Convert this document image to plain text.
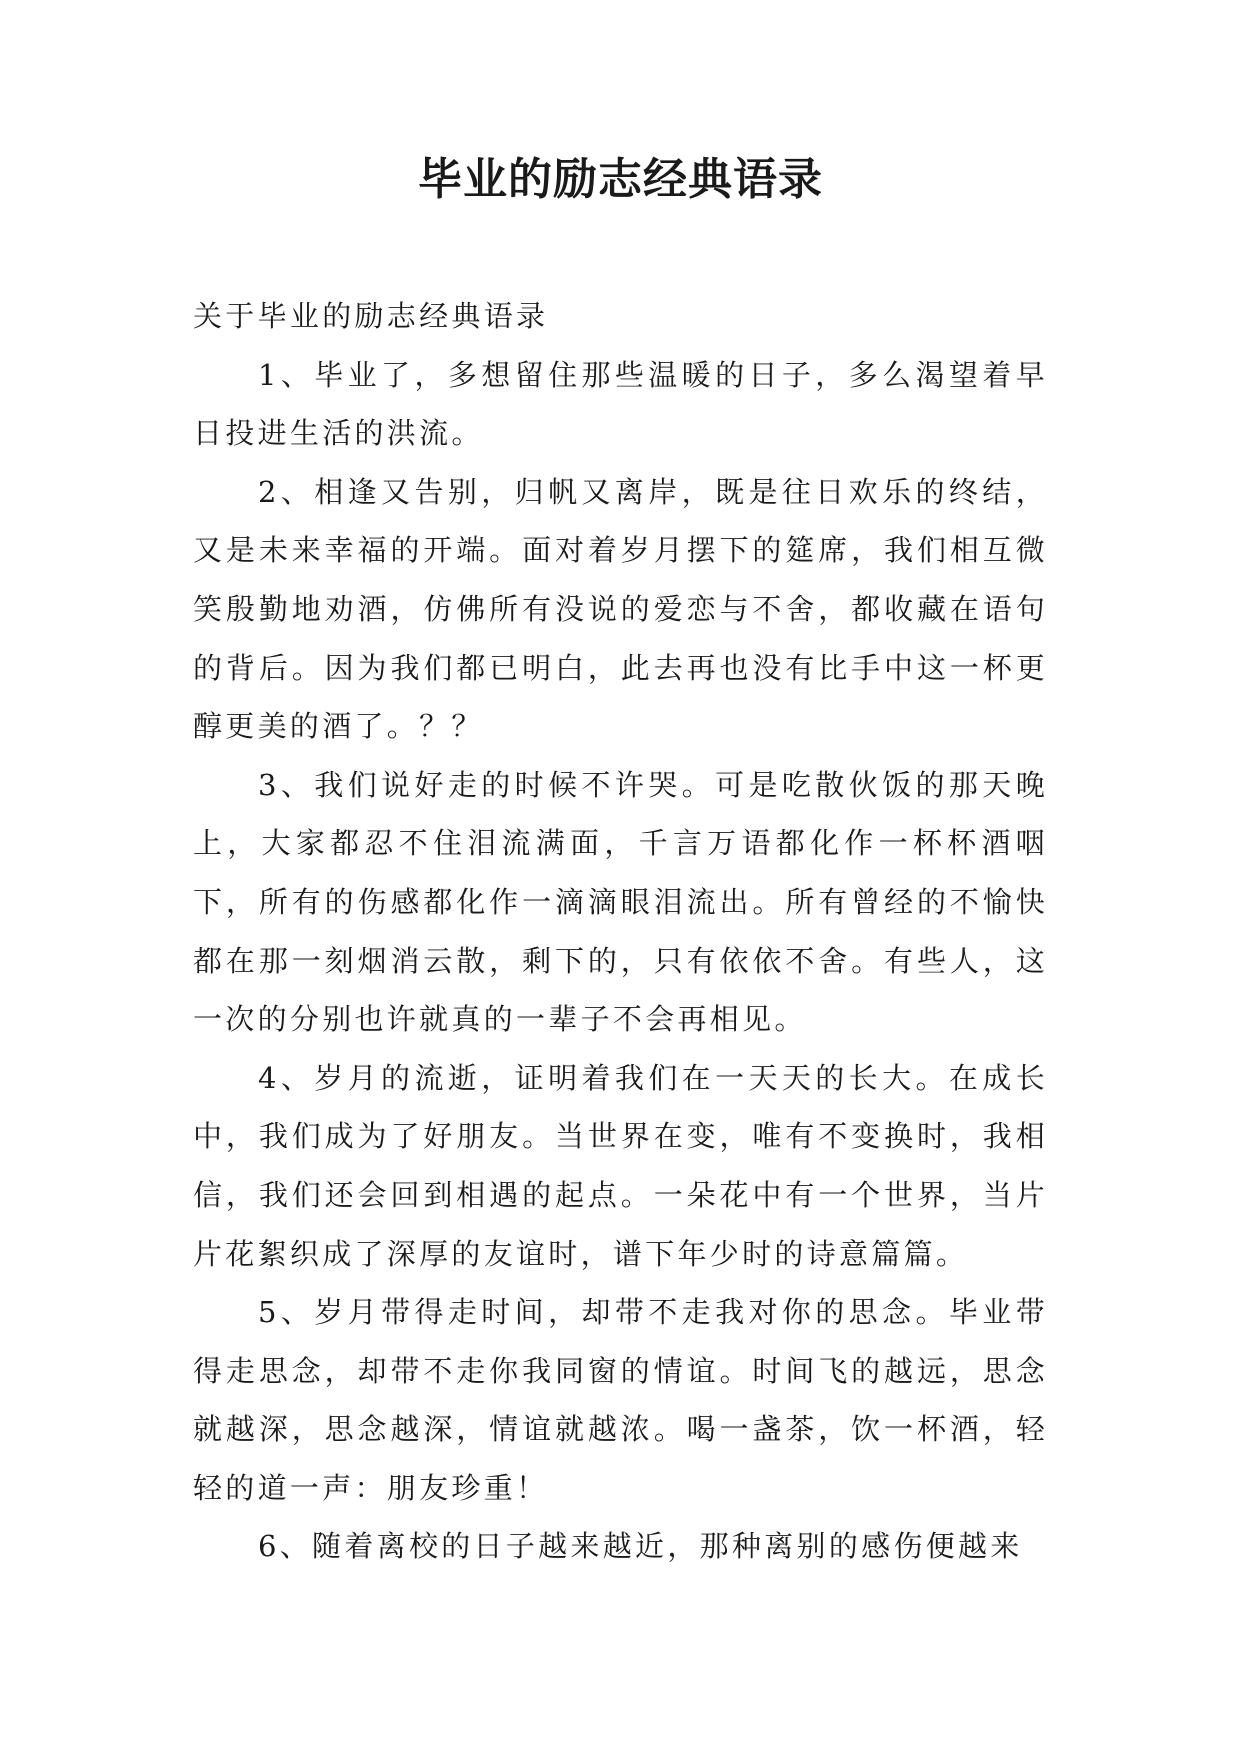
毕业的励志经典语录

关于毕业的励志经典语录

1、毕业了，多想留住那些温暖的日子，多么渴望着早日投进生活的洪流。

2、相逢又告别，归帆又离岸，既是往日欢乐的终结，又是未来幸福的开端。面对着岁月摆下的筵席，我们相互微笑殷勤地劝酒，仿佛所有没说的爱恋与不舍，都收藏在语句的背后。因为我们都已明白，此去再也没有比手中这一杯更醇更美的酒了。？？

3、我们说好走的时候不许哭。可是吃散伙饭的那天晚上，大家都忍不住泪流满面，千言万语都化作一杯杯酒咽下，所有的伤感都化作一滴滴眼泪流出。所有曾经的不愉快都在那一刻烟消云散，剩下的，只有依依不舍。有些人，这一次的分别也许就真的一辈子不会再相见。

4、岁月的流逝，证明着我们在一天天的长大。在成长中，我们成为了好朋友。当世界在变，唯有不变换时，我相信，我们还会回到相遇的起点。一朵花中有一个世界，当片片花絮织成了深厚的友谊时，谱下年少时的诗意篇篇。

5、岁月带得走时间，却带不走我对你的思念。毕业带得走思念，却带不走你我同窗的情谊。时间飞的越远，思念就越深，思念越深，情谊就越浓。喝一盏茶，饮一杯酒，轻轻的道一声：朋友珍重！

6、随着离校的日子越来越近，那种离别的感伤便越来
